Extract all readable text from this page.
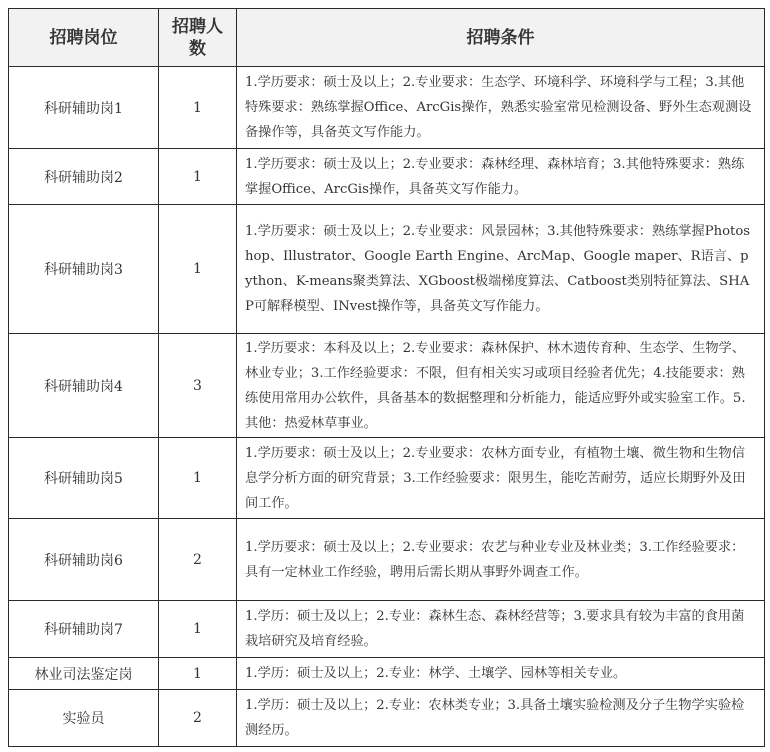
招聘岗位	招聘人数	招聘条件
科研辅助岗1	1	1.学历要求：硕士及以上；2.专业要求：生态学、环境科学、环境科学与工程；3.其他特殊要求：熟练掌握Office、ArcGis操作，熟悉实验室常见检测设备、野外生态观测设备操作等，具备英文写作能力。
科研辅助岗2	1	1.学历要求：硕士及以上；2.专业要求：森林经理、森林培育；3.其他特殊要求：熟练掌握Office、ArcGis操作，具备英文写作能力。
科研辅助岗3	1	1.学历要求：硕士及以上；2.专业要求：风景园林；3.其他特殊要求：熟练掌握Photoshop、Illustrator、Google Earth Engine、ArcMap、Google maper、R语言、python、K-means聚类算法、XGboost极端梯度算法、Catboost类别特征算法、SHAP可解释模型、INvest操作等，具备英文写作能力。
科研辅助岗4	3	1.学历要求：本科及以上；2.专业要求：森林保护、林木遗传育种、生态学、生物学、林业专业；3.工作经验要求：不限，但有相关实习或项目经验者优先；4.技能要求：熟练使用常用办公软件，具备基本的数据整理和分析能力，能适应野外或实验室工作。5.其他：热爱林草事业。
科研辅助岗5	1	1.学历要求：硕士及以上；2.专业要求：农林方面专业，有植物土壤、微生物和生物信息学分析方面的研究背景；3.工作经验要求：限男生，能吃苦耐劳，适应长期野外及田间工作。
科研辅助岗6	2	1.学历要求：硕士及以上；2.专业要求：农艺与种业专业及林业类；3.工作经验要求：具有一定林业工作经验，聘用后需长期从事野外调查工作。
科研辅助岗7	1	1.学历：硕士及以上；2.专业：森林生态、森林经营等；3.要求具有较为丰富的食用菌栽培研究及培育经验。
林业司法鉴定岗	1	1.学历：硕士及以上；2.专业：林学、土壤学、园林等相关专业。
实验员	2	1.学历：硕士及以上；2.专业：农林类专业；3.具备土壤实验检测及分子生物学实验检测经历。
